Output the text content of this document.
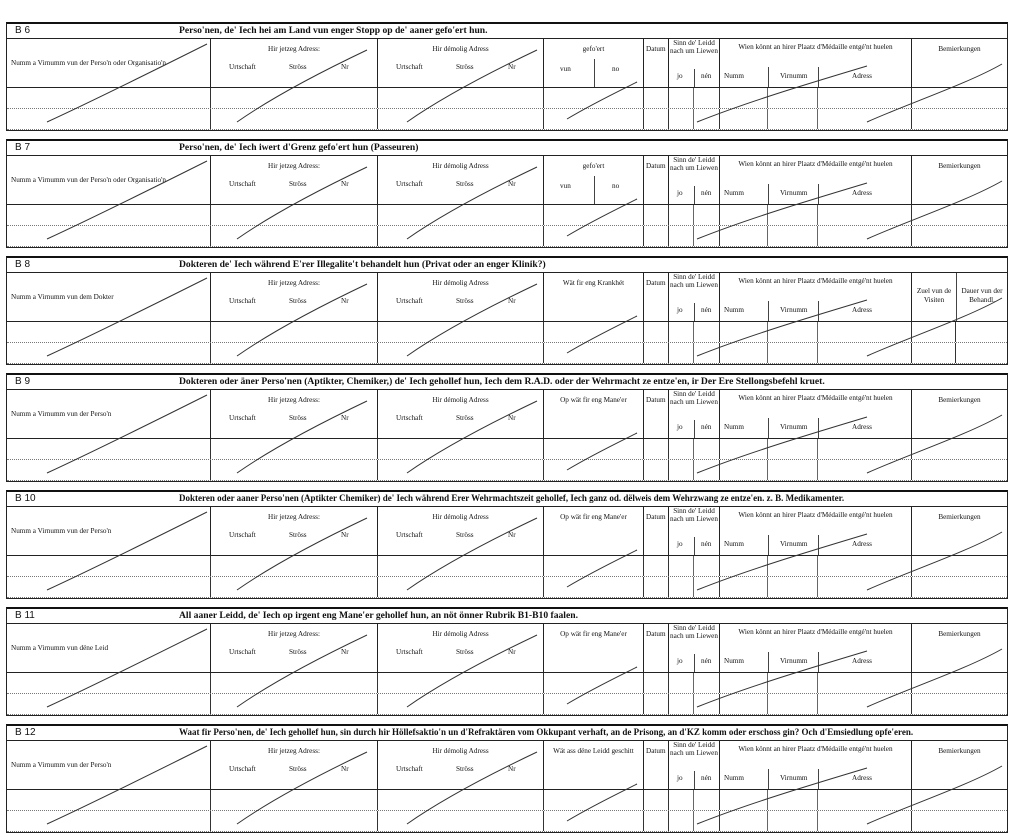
B 6	Perso'nen, de' Iech hei am Land vun enger Stopp op de' aaner gefo'ert hun.
Numm a Virnumm vun der Perso'n oder Organisatio'n
Hir jetzeg Adress:
Urtschaft	Ströss	Nr
Hir démolig Adress
Urtschaft	Ströss	Nr
gefo'ert
vun	no
Datum
Sinn de' Leidd nach um Liewen
jo	nén
Wien könnt an hirer Plaatz d'Médaille entgé'nt huelen
Numm	Virnumm	Adress
Bemierkungen
B 7	Perso'nen, de' Iech iwert d'Grenz gefo'ert hun (Passeuren)
Numm a Virnumm vun der Perso'n oder Organisatio'n
Hir jetzeg Adress:
Urtschaft	Ströss	Nr
Hir démolig Adress
Urtschaft	Ströss	Nr
gefo'ert
vun	no
Datum
Sinn de' Leidd nach um Liewen
jo	nén
Wien könnt an hirer Plaatz d'Médaille entgé'nt huelen
Numm	Virnumm	Adress
Bemierkungen
B 8	Dokteren de' Iech während E'rer Illegalite't behandelt hun (Privat oder an enger Klinik?)
Numm a Virnumm vun dem Dokter
Hir jetzeg Adress:
Urtschaft	Ströss	Nr
Hir démolig Adress
Urtschaft	Ströss	Nr
Wät fir eng Krankhét	Datum
Sinn de' Leidd nach um Liewen
jo	nén
Wien könnt an hirer Plaatz d'Médaille entgé'nt huelen
Numm	Virnumm	Adress
Zuel vun de Visiten
Dauer vun der Behandl.
B 9	Dokteren oder äner Perso'nen (Aptikter, Chemiker,) de' Iech gehollef hun, Iech dem R.A.D. oder der Wehrmacht ze entze'en, ir Der Ere Stellongsbefehl kruet.
Numm a Virnumm vun der Perso'n
Hir jetzeg Adress:
Urtschaft	Ströss	Nr
Hir démolig Adress
Urtschaft	Ströss	Nr
Op wät fir eng Mane'er	Datum
Sinn de' Leidd nach um Liewen
jo	nén
Wien könnt an hirer Plaatz d'Médaille entgé'nt huelen
Numm	Virnumm	Adress
Bemierkungen
B 10	Dokteren oder aaner Perso'nen (Aptikter Chemiker) de' Iech während Erer Wehrmachtszeit gehollef, Iech ganz od. dëlweis dem Wehrzwang ze entze'en. z. B. Medikamenter.
Numm a Virnumm vun der Perso'n
Hir jetzeg Adress:
Urtschaft	Ströss	Nr
Hir démolig Adress
Urtschaft	Ströss	Nr
Op wät fir eng Mane'er	Datum
Sinn de' Leidd nach um Liewen
jo	nén
Wien könnt an hirer Plaatz d'Médaille entgé'nt huelen
Numm	Virnumm	Adress
Bemierkungen
B 11	All aaner Leidd, de' Iech op irgent eng Mane'er gehollef hun, an nöt önner Rubrik B1-B10 faalen.
Numm a Virnumm vun dëne Leid
Hir jetzeg Adress:
Urtschaft	Ströss	Nr
Hir démolig Adress
Urtschaft	Ströss	Nr
Op wät fir eng Mane'er	Datum
Sinn de' Leidd nach um Liewen
jo	nén
Wien könnt an hirer Plaatz d'Médaille entgé'nt huelen
Numm	Virnumm	Adress
Bemierkungen
B 12	Waat fir Perso'nen, de' Iech gehollef hun, sin durch hir Höllefsaktio'n un d'Refraktären vom Okkupant verhaft, an de Prisong, an d'KZ komm oder erschoss gin? Och d'Emsiedlung opfe'eren.
Numm a Virnumm vun der Perso'n
Hir jetzeg Adress:
Urtschaft	Ströss	Nr
Hir démolig Adress
Urtschaft	Ströss	Nr
Wät ass dëne Leidd geschitt	Datum
Sinn de' Leidd nach um Liewen
jo	nén
Wien könnt an hirer Plaatz d'Médaille entgé'nt huelen
Numm	Virnumm	Adress
Bemierkungen
